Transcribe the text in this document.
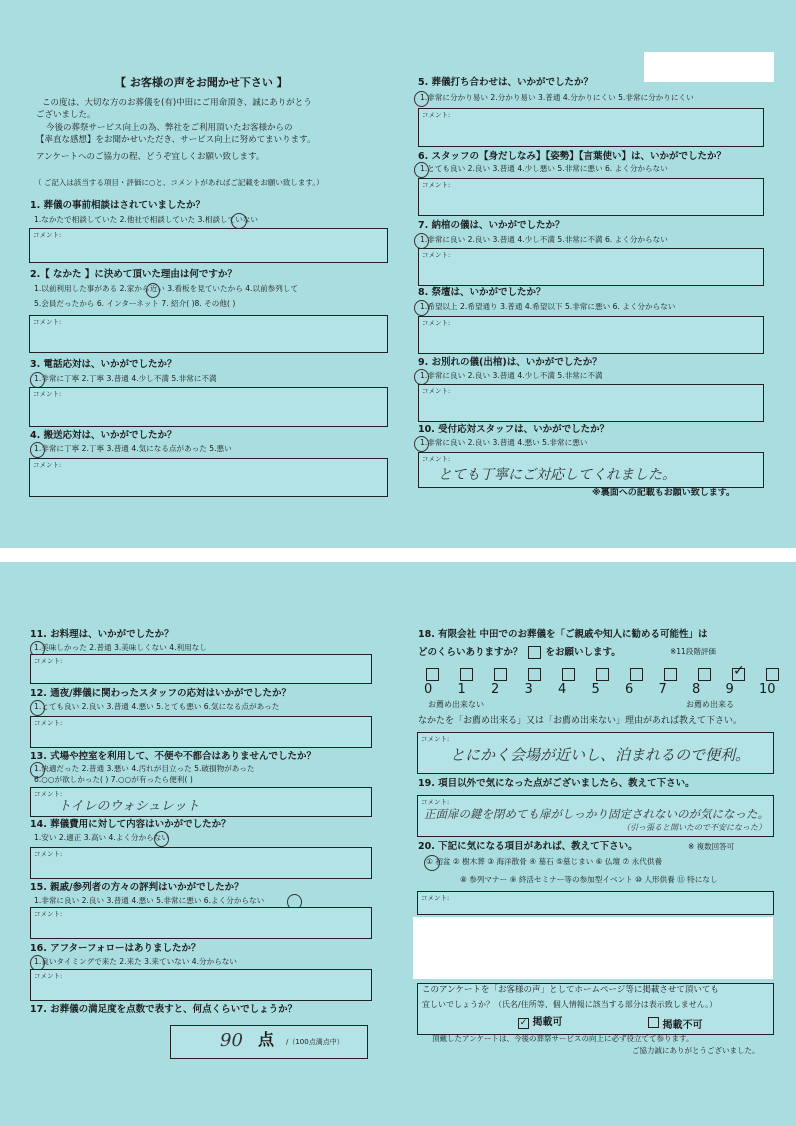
【 お客様の声をお聞かせ下さい 】
この度は、大切な方のお葬儀を(有)中田にご用命頂き、誠にありがとう
ございました。
今後の葬祭サービス向上の為、弊社をご利用頂いたお客様からの
【率直な感想】をお聞かせいただき、サービス向上に努めてまいります。
アンケートへのご協力の程、どうぞ宜しくお願い致します。
（ ご記入は該当する項目・評価に○と、コメントがあればご記載をお願い致します。）
1. 葬儀の事前相談はされていましたか？
1.なかたで相談していた 2.他社で相談していた 3.相談していない
コメント:
2.【 なかた 】に決めて頂いた理由は何ですか？
1.以前利用した事がある 2.家から近い 3.看板を見ていたから 4.以前参列して
5.会員だったから 6. インターネット 7. 紹介( )8. その他( )
コメント:
3. 電話応対は、いかがでしたか？
1.非常に丁寧 2.丁寧 3.普通 4.少し不満 5.非常に不満
コメント:
4. 搬送応対は、いかがでしたか？
1.非常に丁寧 2.丁寧 3.普通 4.気になる点があった 5.悪い
コメント:
5. 葬儀打ち合わせは、いかがでしたか？
1.非常に分かり易い 2.分かり易い 3.普通 4.分かりにくい 5.非常に分かりにくい
コメント:
6. スタッフの【身だしなみ】【姿勢】【言葉使い】は、いかがでしたか？
1.とても良い 2.良い 3.普通 4.少し悪い 5.非常に悪い 6. よく分からない
コメント:
7. 納棺の儀は、いかがでしたか？
1.非常に良い 2.良い 3.普通 4.少し不満 5.非常に不満 6. よく分からない
コメント:
8. 祭壇は、いかがでしたか？
1.希望以上 2.希望通り 3.普通 4.希望以下 5.非常に悪い 6. よく分からない
コメント:
9. お別れの儀(出棺)は、いかがでしたか？
1.非常に良い 2.良い 3.普通 4.少し不満 5.非常に不満
コメント:
10. 受付応対スタッフは、いかがでしたか？
1.非常に良い 2.良い 3.普通 4.悪い 5.非常に悪い
コメント:
とても丁寧にご対応してくれました。
※裏面への記載もお願い致します。
11. お料理は、いかがでしたか？
1.美味しかった 2.普通 3.美味しくない 4.利用なし
コメント:
12. 通夜/葬儀に関わったスタッフの応対はいかがでしたか？
1.とても良い 2.良い 3.普通 4.悪い 5.とても悪い 6.気になる点があった
コメント:
13. 式場や控室を利用して、不便や不都合はありませんでしたか？
1.快適だった 2.普通 3.悪い 4.汚れが目立った 5.破損物があった
6.○○が欲しかった( ) 7.○○が有ったら便利( )
コメント:
トイレのウォシュレット
14. 葬儀費用に対して内容はいかがでしたか？
1.安い 2.適正 3.高い 4.よく分からない
コメント:
15. 親戚/参列者の方々の評判はいかがでしたか？
1.非常に良い 2.良い 3.普通 4.悪い 5.非常に悪い 6.よく分からない
コメント:
16. アフターフォローはありましたか？
1.良いタイミングで来た 2.来た 3.来ていない 4.分からない
コメント:
17. お葬儀の満足度を点数で表すと、何点くらいでしょうか？
90 点 /（100点満点中）
18. 有限会社 中田でのお葬儀を「ご親戚や知人に勧める可能性」は
どのくらいありますか？ をお願いします。	※11段階評価
✓
0	1	2	3	4	5	6	7	8	9	10
お薦め出来ない	お薦め出来る
なかたを「お薦め出来る」又は「お薦め出来ない」理由があれば教えて下さい。
コメント:
とにかく会場が近いし、泊まれるので便利。
19. 項目以外で気になった点がございましたら、教えて下さい。
コメント:
正面扉の鍵を閉めても扉がしっかり固定されないのが気になった。
（引っ張ると開いたので不安になった）
20. 下記に気になる項目があれば、教えて下さい。	※ 複数回答可
① 初盆 ② 樹木葬 ③ 海洋散骨 ④ 墓石 ⑤墓じまい ⑥ 仏壇 ⑦ 永代供養
⑧ 参列マナー ⑨ 終活セミナー等の参加型イベント ⑩ 人形供養 ⑪ 特になし
コメント:
このアンケートを「お客様の声」としてホームページ等に掲載させて頂いても
宜しいでしょうか？（氏名/住所等、個人情報に該当する部分は表示致しません。）
✓ 掲載可	掲載不可
頂戴したアンケートは、今後の葬祭サービスの向上に必ず役立てて参ります。
ご協力誠にありがとうございました。
